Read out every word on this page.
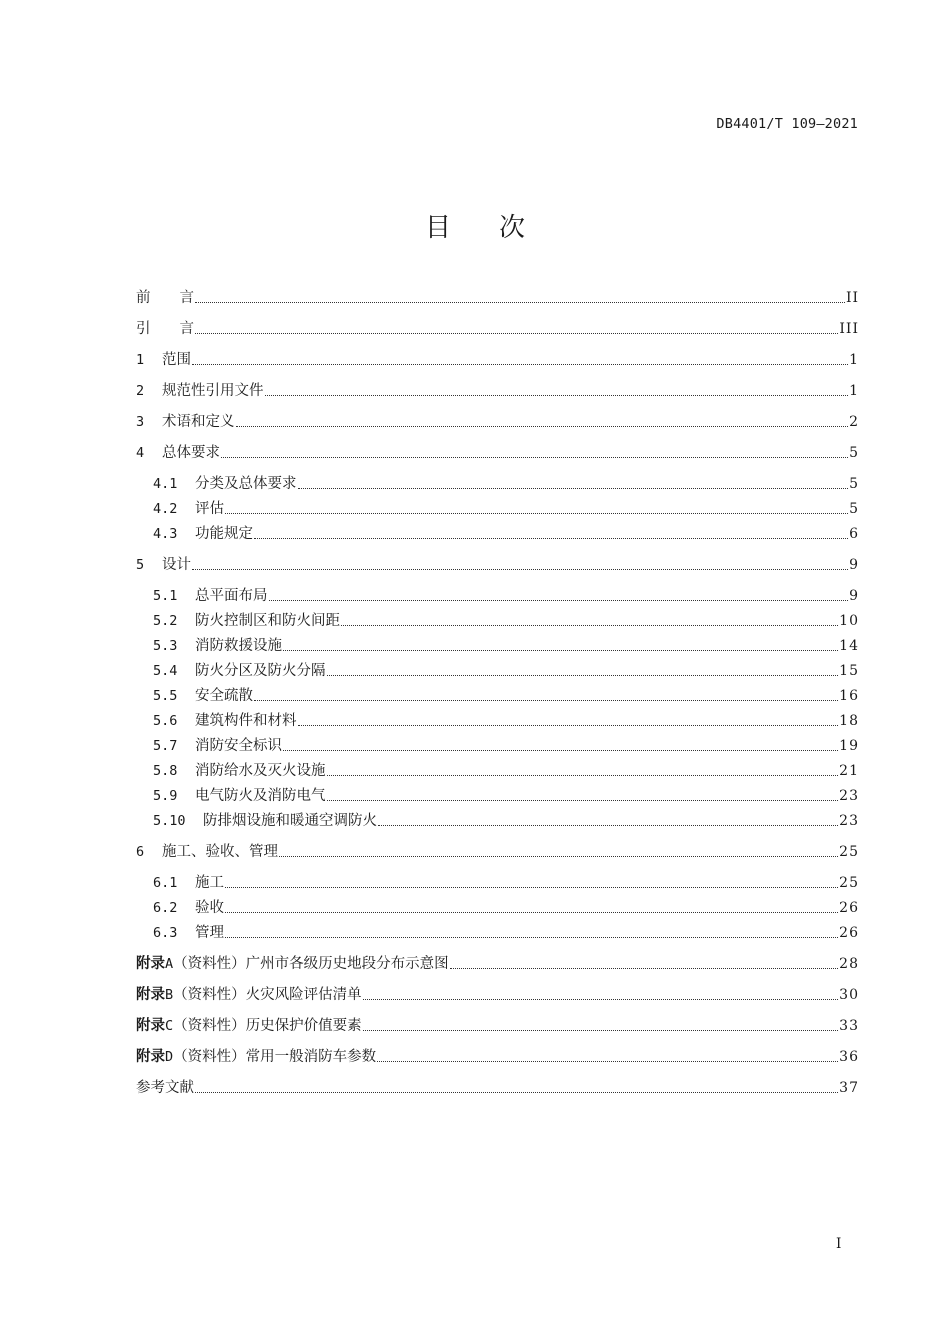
DB4401/T 109—2021
目次
前　　言	II
引　　言	III
1	范围	1
2	规范性引用文件	1
3	术语和定义	2
4	总体要求	5
4.1	分类及总体要求	5
4.2	评估	5
4.3	功能规定	6
5	设计	9
5.1	总平面布局	9
5.2	防火控制区和防火间距	10
5.3	消防救援设施	14
5.4	防火分区及防火分隔	15
5.5	安全疏散	16
5.6	建筑构件和材料	18
5.7	消防安全标识	19
5.8	消防给水及灭火设施	21
5.9	电气防火及消防电气	23
5.10	防排烟设施和暖通空调防火	23
6	施工、验收、管理	25
6.1	施工	25
6.2	验收	26
6.3	管理	26
附录 A （资料性）广州市各级历史地段分布示意图	28
附录 B （资料性）火灾风险评估清单	30
附录 C （资料性）历史保护价值要素	33
附录 D （资料性）常用一般消防车参数	36
参考文献	37
I
